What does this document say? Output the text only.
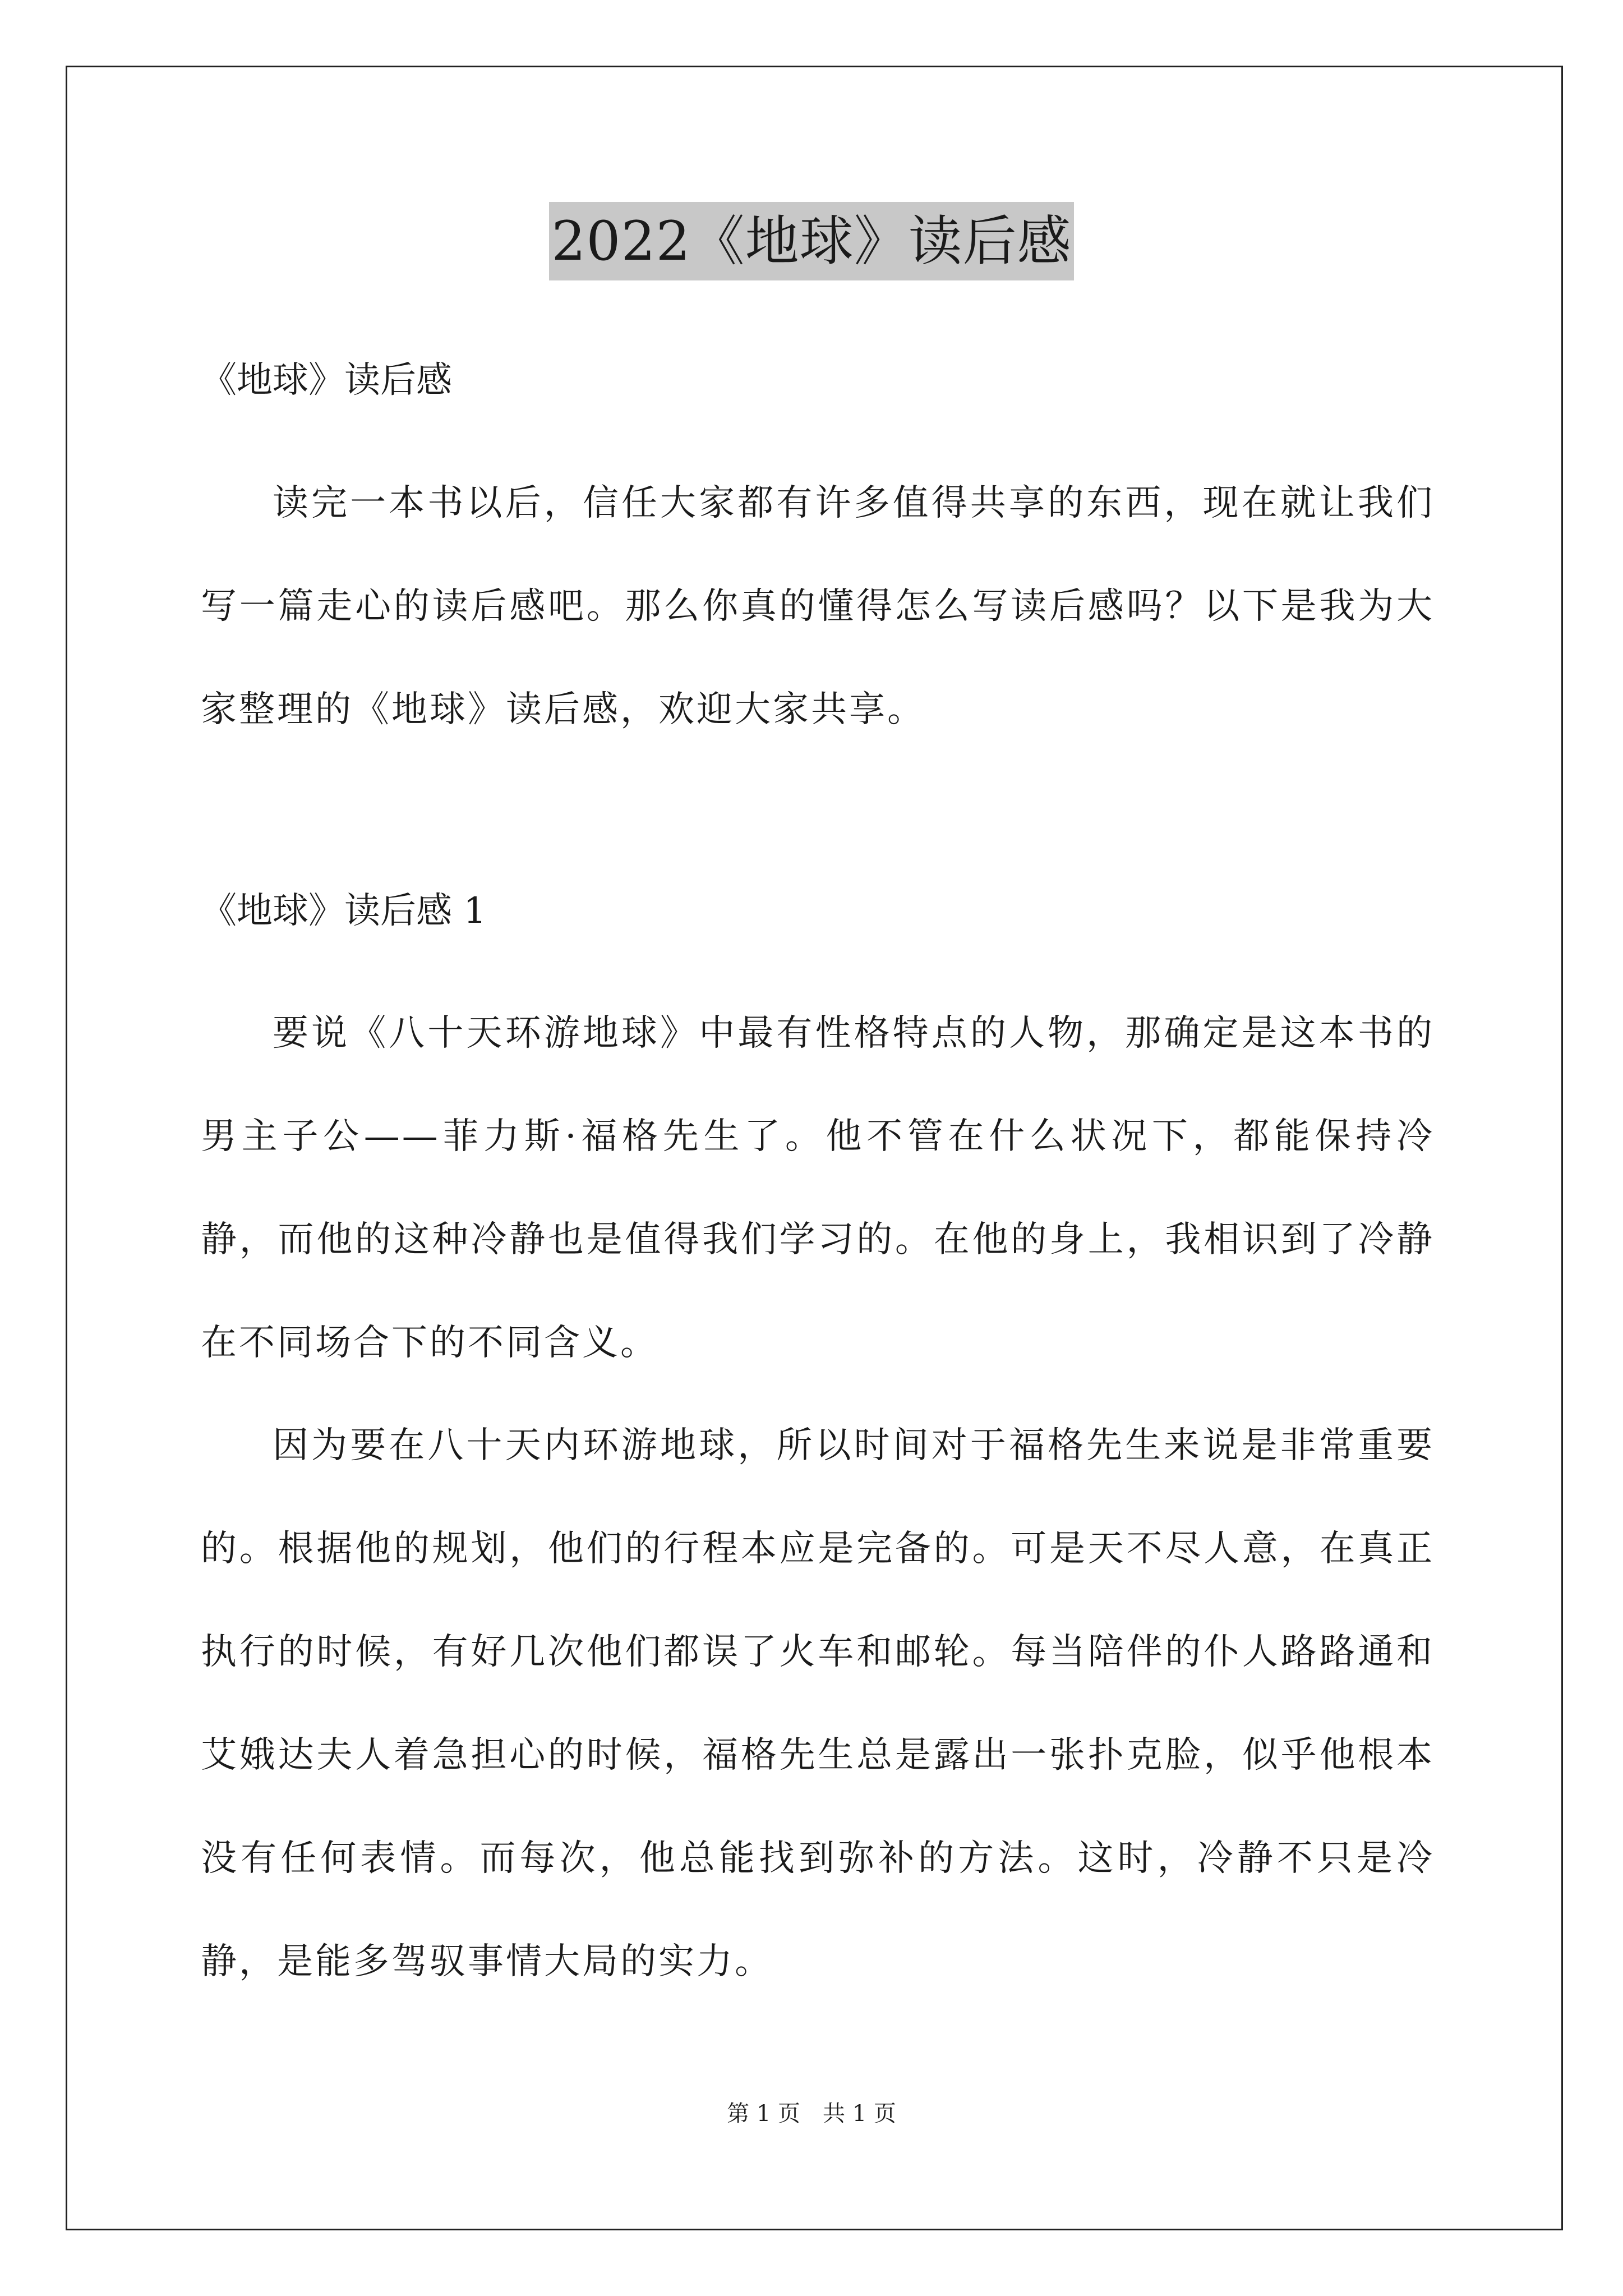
2022《地球》读后感
《地球》读后感
读完一本书以后，信任大家都有许多值得共享的东西，现在就让我们写一篇走心的读后感吧。那么你真的懂得怎么写读后感吗？以下是我为大家整理的《地球》读后感，欢迎大家共享。
《地球》读后感 1
要说《八十天环游地球》中最有性格特点的人物，那确定是这本书的男主子公——菲力斯·福格先生了。他不管在什么状况下，都能保持冷静，而他的这种冷静也是值得我们学习的。在他的身上，我相识到了冷静在不同场合下的不同含义。
因为要在八十天内环游地球，所以时间对于福格先生来说是非常重要的。根据他的规划，他们的行程本应是完备的。可是天不尽人意，在真正执行的时候，有好几次他们都误了火车和邮轮。每当陪伴的仆人路路通和艾娥达夫人着急担心的时候，福格先生总是露出一张扑克脸，似乎他根本没有任何表情。而每次，他总能找到弥补的方法。这时，冷静不只是冷静，是能多驾驭事情大局的实力。
第 1 页　共 1 页
